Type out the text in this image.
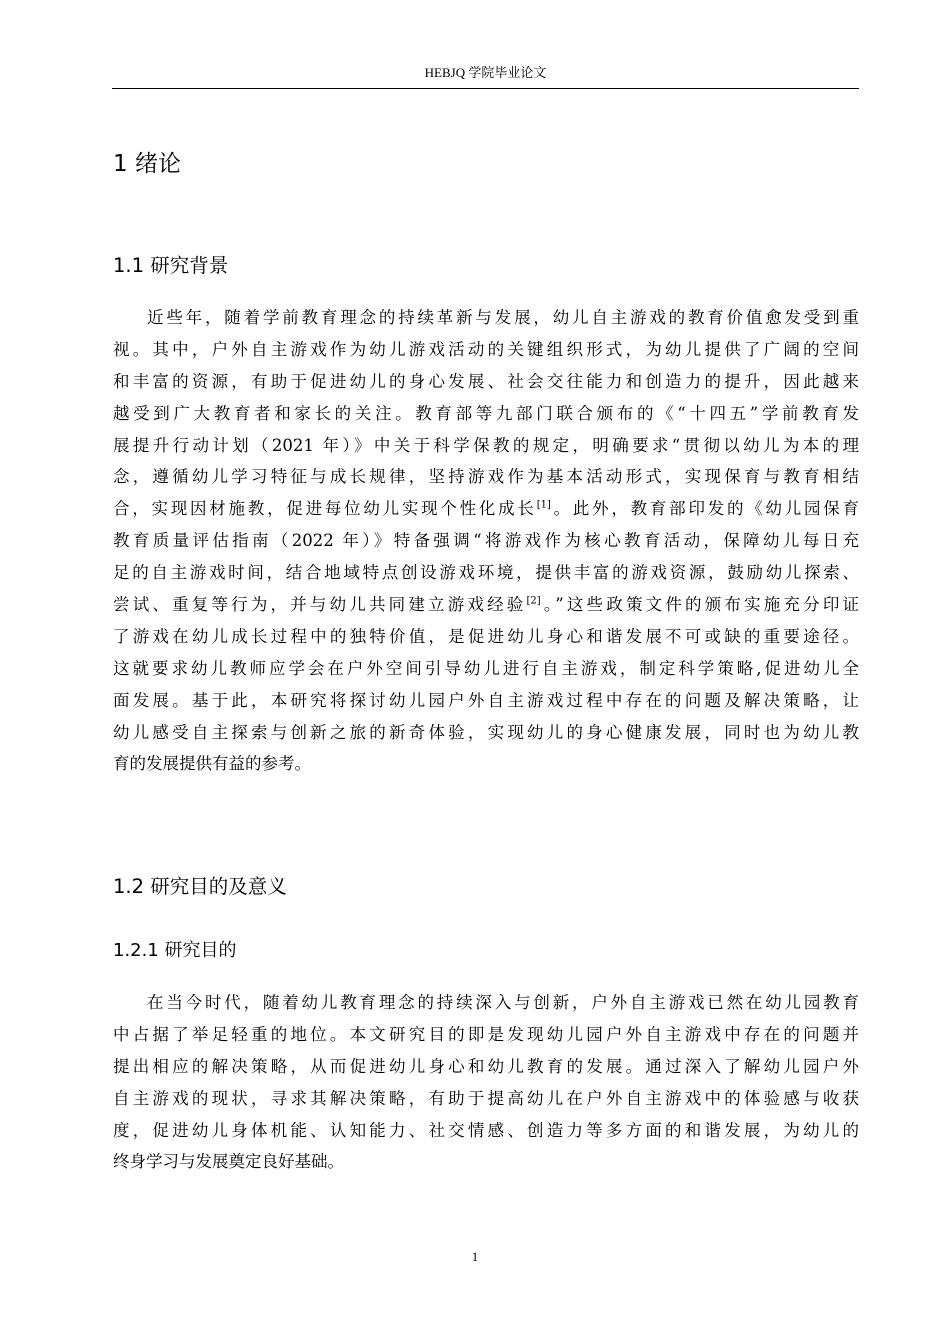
HEBJQ 学院毕业论文
1 绪论
1.1 研究背景
近些年，随着学前教育理念的持续革新与发展，幼儿自主游戏的教育价值愈发受到重
视。其中，户外自主游戏作为幼儿游戏活动的关键组织形式，为幼儿提供了广阔的空间
和丰富的资源，有助于促进幼儿的身心发展、社会交往能力和创造力的提升，因此越来
越受到广大教育者和家长的关注。教育部等九部门联合颁布的《“十四五”学前教育发
展提升行动计划（2021 年）》中关于科学保教的规定，明确要求“贯彻以幼儿为本的理
念，遵循幼儿学习特征与成长规律，坚持游戏作为基本活动形式，实现保育与教育相结
合，实现因材施教，促进每位幼儿实现个性化成长[1]。此外，教育部印发的《幼儿园保育
教育质量评估指南（2022 年）》特备强调“将游戏作为核心教育活动，保障幼儿每日充
足的自主游戏时间，结合地域特点创设游戏环境，提供丰富的游戏资源，鼓励幼儿探索、
尝试、重复等行为，并与幼儿共同建立游戏经验[2]。”这些政策文件的颁布实施充分印证
了游戏在幼儿成长过程中的独特价值，是促进幼儿身心和谐发展不可或缺的重要途径。
这就要求幼儿教师应学会在户外空间引导幼儿进行自主游戏，制定科学策略,促进幼儿全
面发展。基于此，本研究将探讨幼儿园户外自主游戏过程中存在的问题及解决策略，让
幼儿感受自主探索与创新之旅的新奇体验，实现幼儿的身心健康发展，同时也为幼儿教
育的发展提供有益的参考。
1.2 研究目的及意义
1.2.1 研究目的
在当今时代，随着幼儿教育理念的持续深入与创新，户外自主游戏已然在幼儿园教育
中占据了举足轻重的地位。本文研究目的即是发现幼儿园户外自主游戏中存在的问题并
提出相应的解决策略，从而促进幼儿身心和幼儿教育的发展。通过深入了解幼儿园户外
自主游戏的现状，寻求其解决策略，有助于提高幼儿在户外自主游戏中的体验感与收获
度，促进幼儿身体机能、认知能力、社交情感、创造力等多方面的和谐发展，为幼儿的
终身学习与发展奠定良好基础。
1
